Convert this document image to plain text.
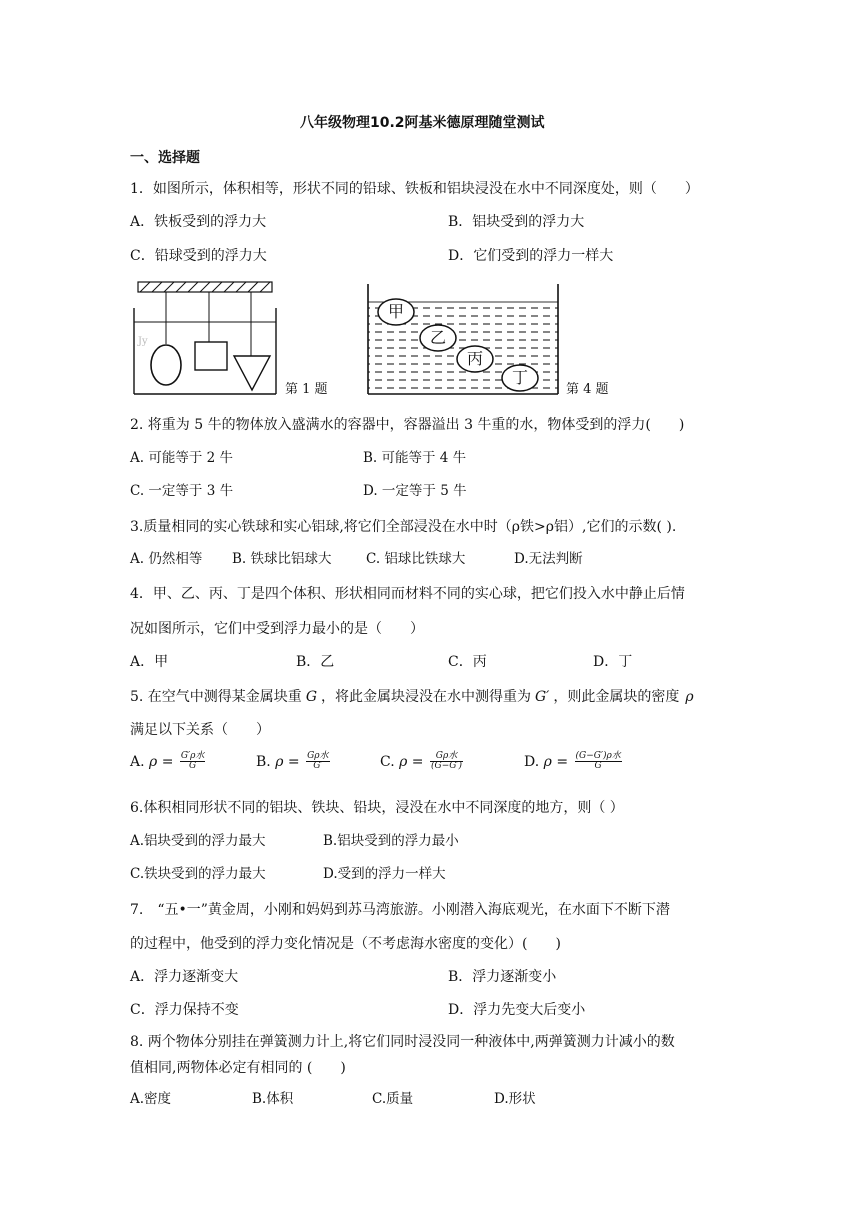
八年级物理10.2阿基米德原理随堂测试
一、选择题
1．如图所示，体积相等，形状不同的铅球、铁板和铝块浸没在水中不同深度处，则（　　）
A．铁板受到的浮力大	B．铝块受到的浮力大
C．铅球受到的浮力大	D．它们受到的浮力一样大
Jy
第 1 题
甲
乙
丙
丁
第 4 题
2. 将重为 5 牛的物体放入盛满水的容器中，容器溢出 3 牛重的水，物体受到的浮力(　　)
A. 可能等于 2 牛	B. 可能等于 4 牛
C. 一定等于 3 牛	D. 一定等于 5 牛
3.质量相同的实心铁球和实心铝球,将它们全部浸没在水中时（ρ铁>ρ铝）,它们的示数( ).
A. 仍然相等 B. 铁球比铝球大	C. 铝球比铁球大	D.无法判断
4．甲、乙、丙、丁是四个体积、形状相同而材料不同的实心球，把它们投入水中静止后情
况如图所示，它们中受到浮力最小的是（　　）
A．甲	B．乙	C．丙	D．丁
5. 在空气中测得某金属块重 G ，将此金属块浸没在水中测得重为 G′ ，则此金属块的密度 ρ
满足以下关系（　　）
A. $\rho = \frac{\text{G′ρ水}}{G}$	B. $\rho = \frac{\text{Gρ水}}{G'}$	C. $\rho = \frac{\text{Gρ水}}{(G-G')}$	D. $\rho = \frac{\text{(G−G′)ρ水}}{G}$
6.体积相同形状不同的铝块、铁块、铅块，浸没在水中不同深度的地方，则（ ）
A.铝块受到的浮力最大	B.铝块受到的浮力最小
C.铁块受到的浮力最大	D.受到的浮力一样大
7.　“五•一”黄金周，小刚和妈妈到苏马湾旅游。小刚潜入海底观光，在水面下不断下潜
的过程中，他受到的浮力变化情况是（不考虑海水密度的变化）(　　)
A．浮力逐渐变大	B．浮力逐渐变小
C．浮力保持不变	D．浮力先变大后变小
8. 两个物体分别挂在弹簧测力计上,将它们同时浸没同一种液体中,两弹簧测力计减小的数
值相同,两物体必定有相同的 (　　)
A.密度	B.体积	C.质量	D.形状
